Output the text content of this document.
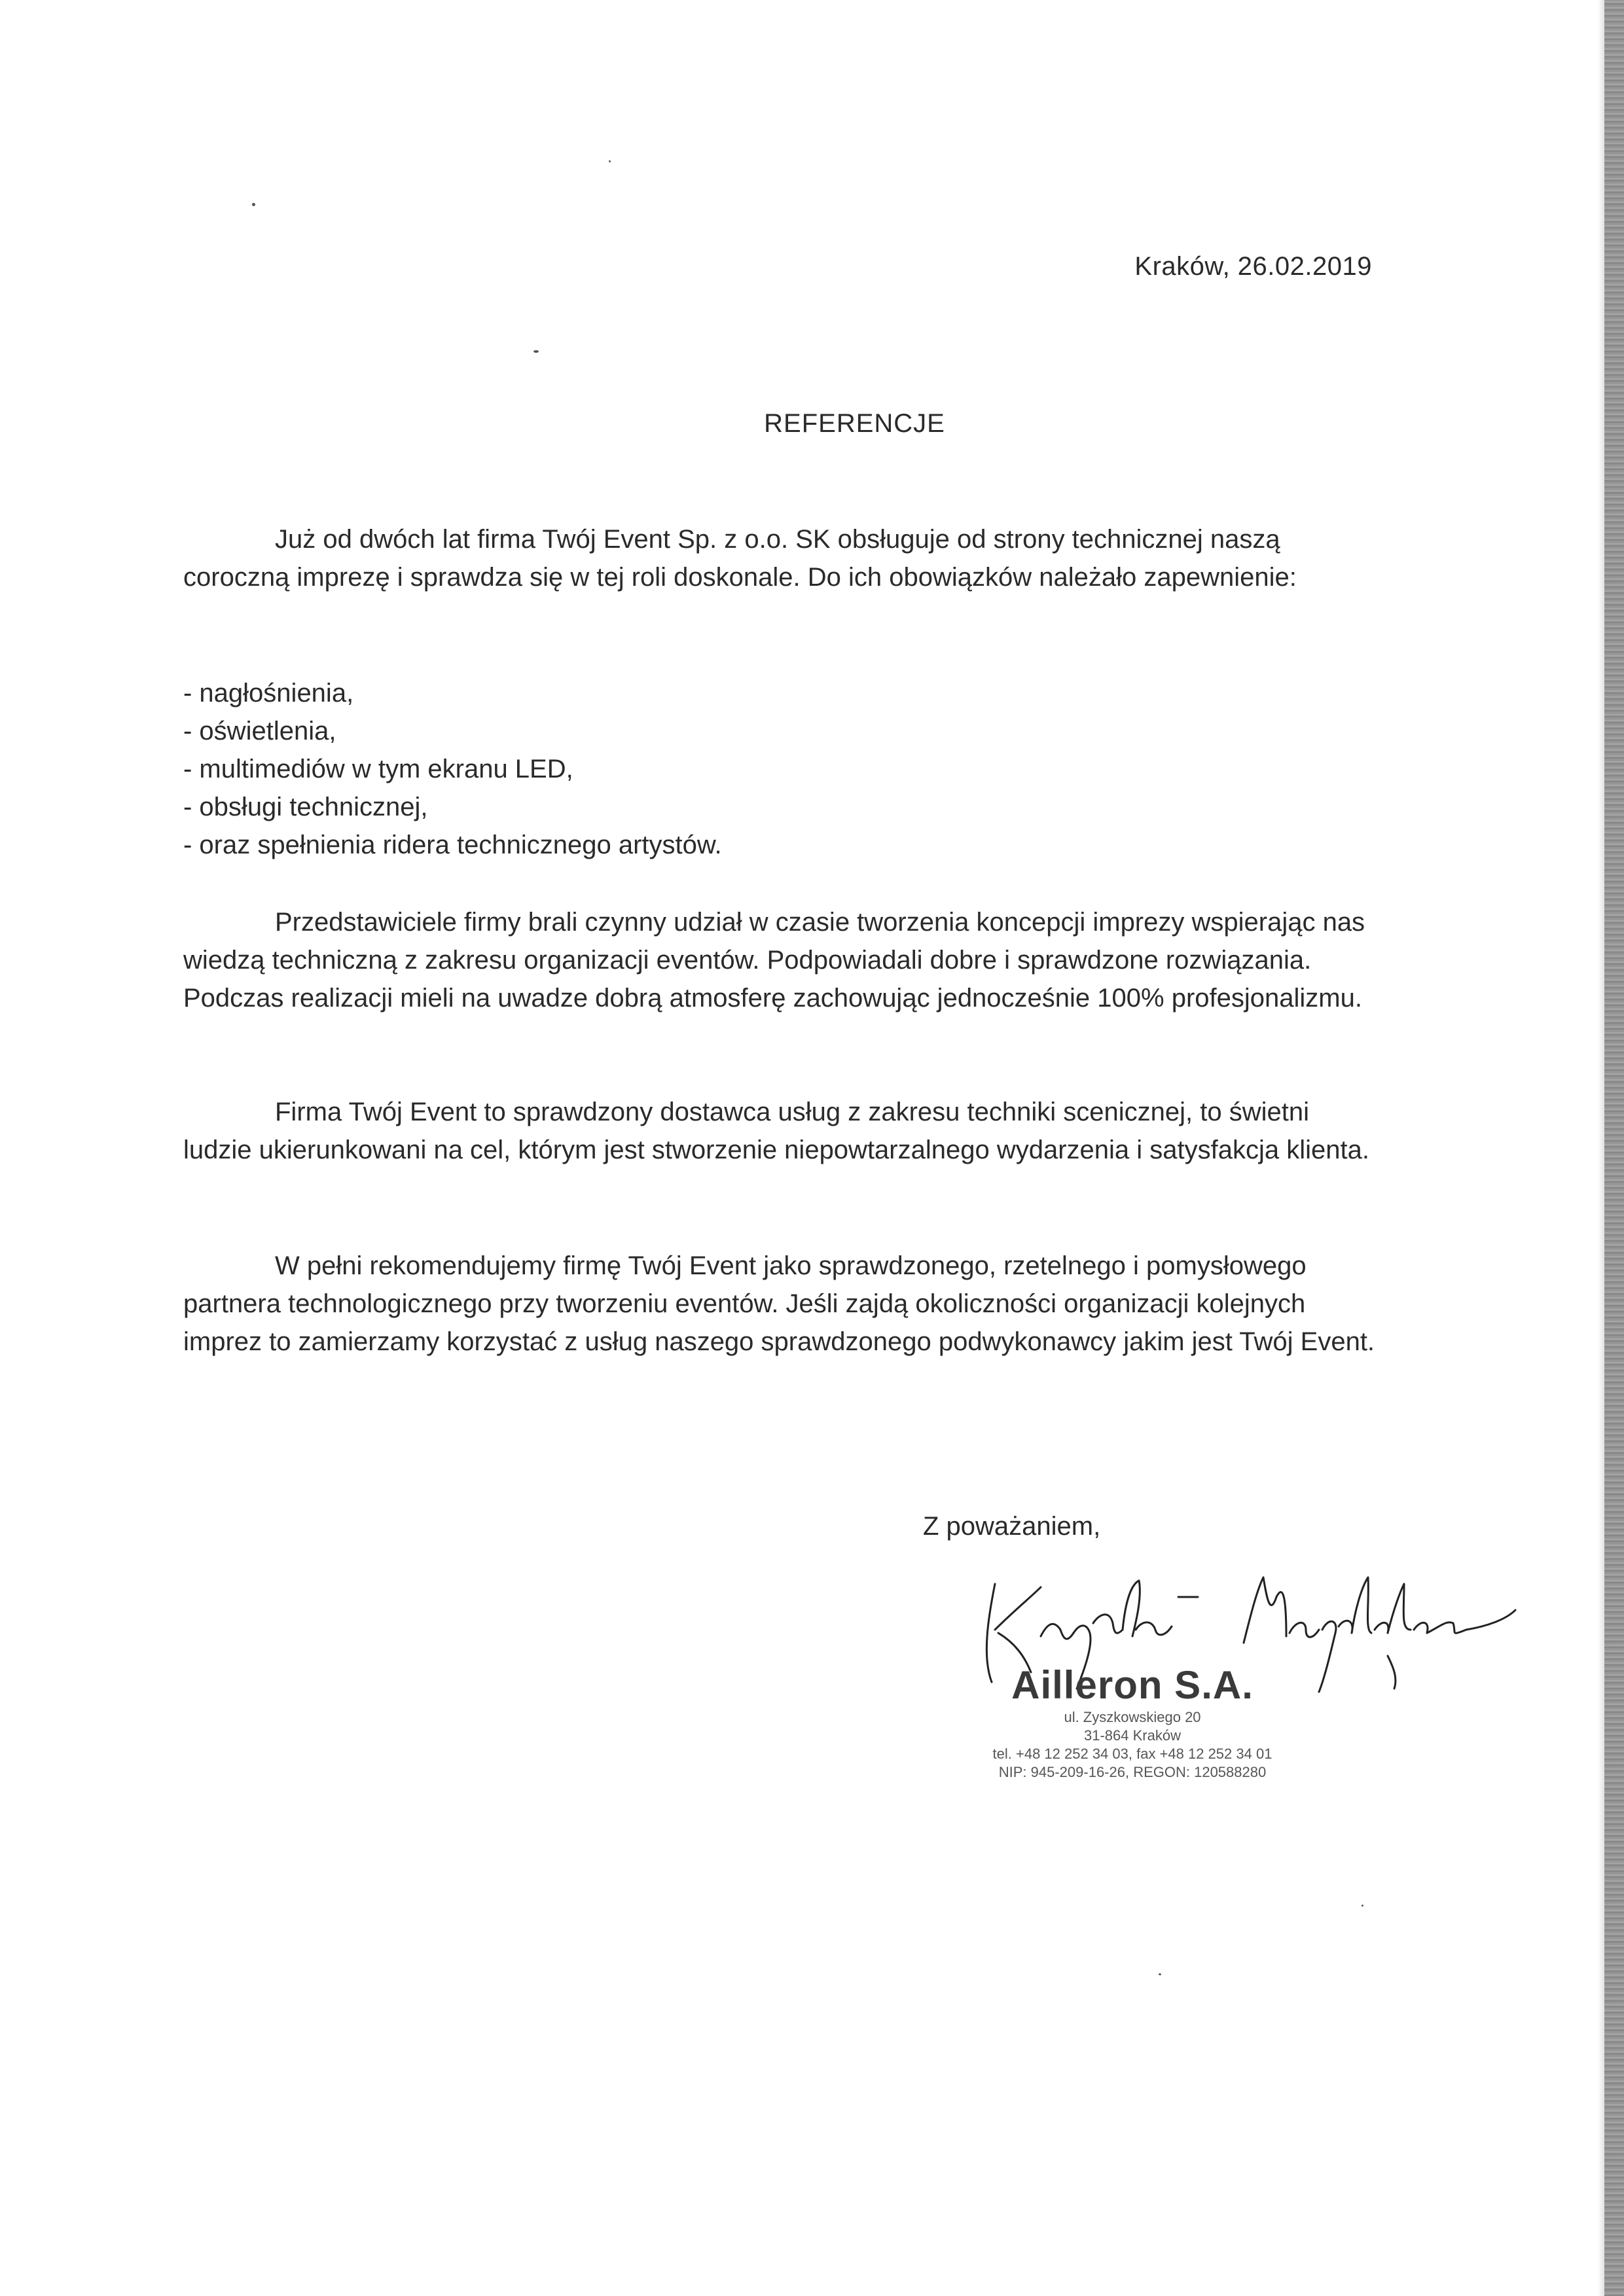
Kraków, 26.02.2019
REFERENCJE

Już od dwóch lat firma Twój Event Sp. z o.o. SK obsługuje od strony technicznej naszą coroczną imprezę i sprawdza się w tej roli doskonale. Do ich obowiązków należało zapewnienie:

- nagłośnienia,
- oświetlenia,
- multimediów w tym ekranu LED,
- obsługi technicznej,
- oraz spełnienia ridera technicznego artystów.

Przedstawiciele firmy brali czynny udział w czasie tworzenia koncepcji imprezy wspierając nas wiedzą techniczną z zakresu organizacji eventów. Podpowiadali dobre i sprawdzone rozwiązania. Podczas realizacji mieli na uwadze dobrą atmosferę zachowując jednocześnie 100% profesjonalizmu.

Firma Twój Event to sprawdzony dostawca usług z zakresu techniki scenicznej, to świetni ludzie ukierunkowani na cel, którym jest stworzenie niepowtarzalnego wydarzenia i satysfakcja klienta.

W pełni rekomendujemy firmę Twój Event jako sprawdzonego, rzetelnego i pomysłowego partnera technologicznego przy tworzeniu eventów. Jeśli zajdą okoliczności organizacji kolejnych imprez to zamierzamy korzystać z usług naszego sprawdzonego podwykonawcy jakim jest Twój Event.

Z poważaniem,
Ailleron S.A.
ul. Zyszkowskiego 20
31-864 Kraków
tel. +48 12 252 34 03, fax +48 12 252 34 01
NIP: 945-209-16-26, REGON: 120588280
